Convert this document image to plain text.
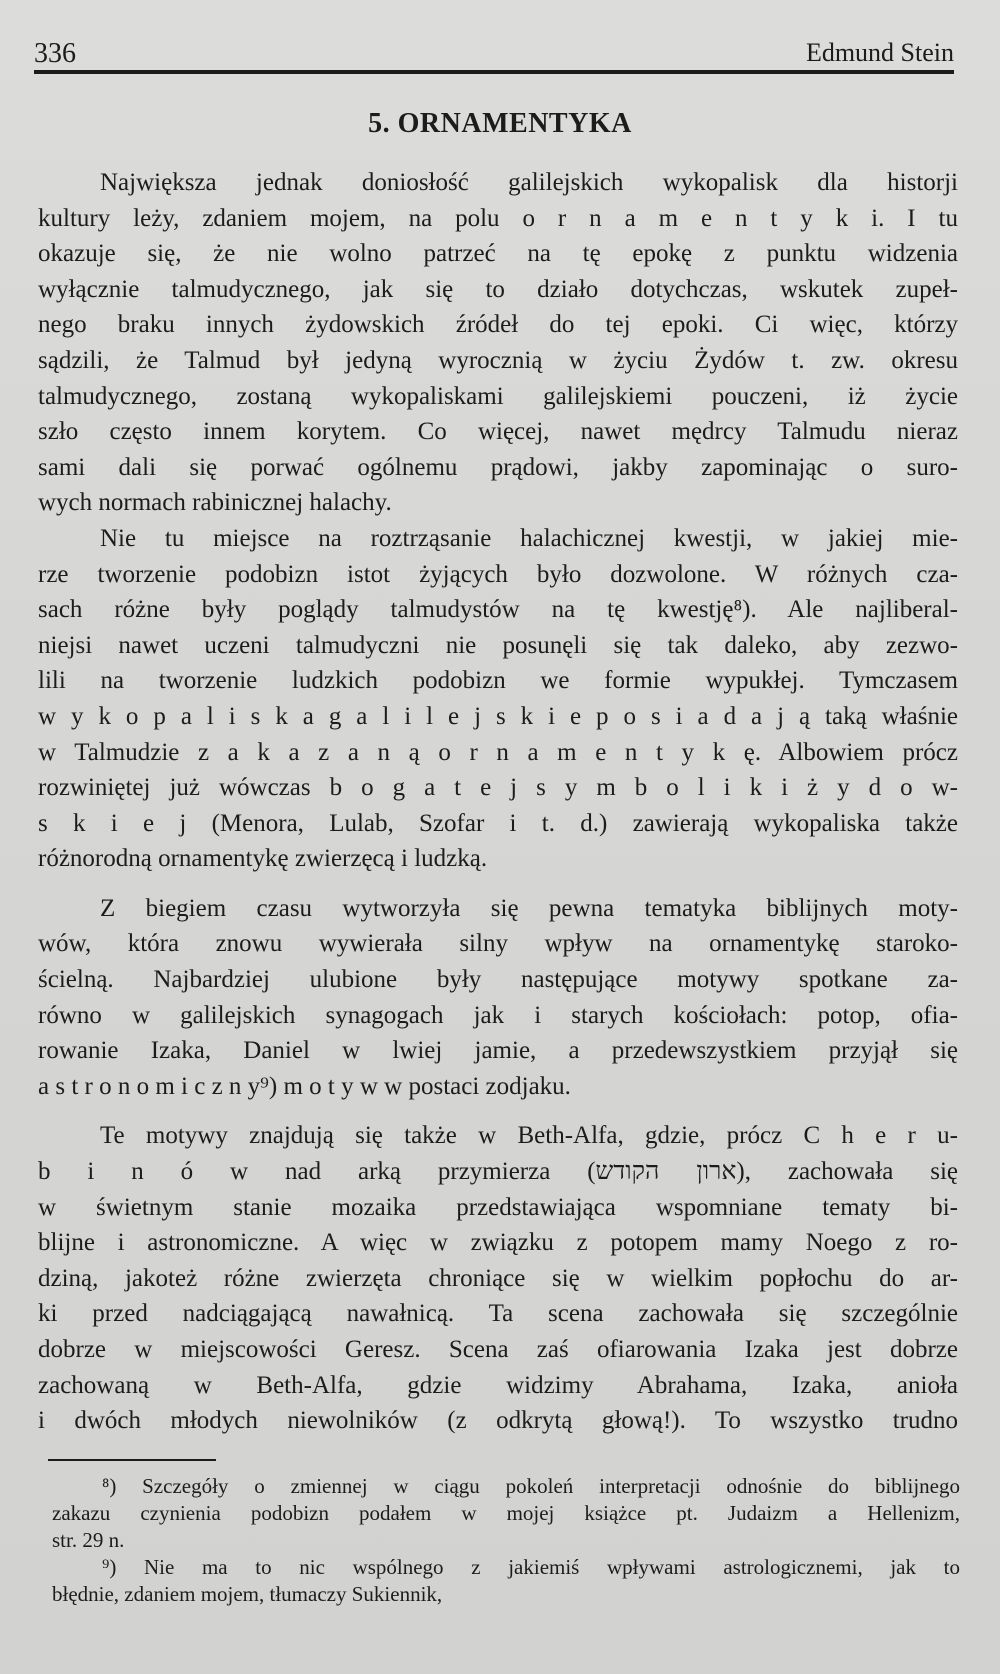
336	Edmund Stein
5. ORNAMENTYKA
Największa jednak doniosłość galilejskich wykopalisk dla historji
kultury leży, zdaniem mojem, na polu o r n a m e n t y k i. I tu
okazuje się, że nie wolno patrzeć na tę epokę z punktu widzenia
wyłącznie talmudycznego, jak się to działo dotychczas, wskutek zupeł-
nego braku innych żydowskich źródeł do tej epoki. Ci więc, którzy
sądzili, że Talmud był jedyną wyrocznią w życiu Żydów t. zw. okresu
talmudycznego, zostaną wykopaliskami galilejskiemi pouczeni, iż życie
szło często innem korytem. Co więcej, nawet mędrcy Talmudu nieraz
sami dali się porwać ogólnemu prądowi, jakby zapominając o suro-
wych normach rabinicznej halachy.
Nie tu miejsce na roztrząsanie halachicznej kwestji, w jakiej mie-
rze tworzenie podobizn istot żyjących było dozwolone. W różnych cza-
sach różne były poglądy talmudystów na tę kwestję⁸). Ale najliberal-
niejsi nawet uczeni talmudyczni nie posunęli się tak daleko, aby zezwo-
lili na tworzenie ludzkich podobizn we formie wypukłej. Tymczasem
w y k o p a l i s k a g a l i l e j s k i e p o s i a d a j ą taką właśnie
w Talmudzie z a k a z a n ą o r n a m e n t y k ę. Albowiem prócz
rozwiniętej już wówczas b o g a t e j s y m b o l i k i ż y d o w-
s k i e j (Menora, Lulab, Szofar i t. d.) zawierają wykopaliska także
różnorodną ornamentykę zwierzęcą i ludzką.
Z biegiem czasu wytworzyła się pewna tematyka biblijnych moty-
wów, która znowu wywierała silny wpływ na ornamentykę staroko-
ścielną. Najbardziej ulubione były następujące motywy spotkane za-
równo w galilejskich synagogach jak i starych kościołach: potop, ofia-
rowanie Izaka, Daniel w lwiej jamie, a przedewszystkiem przyjął się
a s t r o n o m i c z n y⁹) m o t y w w postaci zodjaku.
Te motywy znajdują się także w Beth-Alfa, gdzie, prócz C h e r u-
b i n ó w nad arką przymierza (ארון הקודש), zachowała się
w świetnym stanie mozaika przedstawiająca wspomniane tematy bi-
blijne i astronomiczne. A więc w związku z potopem mamy Noego z ro-
dziną, jakoteż różne zwierzęta chroniące się w wielkim popłochu do ar-
ki przed nadciągającą nawałnicą. Ta scena zachowała się szczególnie
dobrze w miejscowości Geresz. Scena zaś ofiarowania Izaka jest dobrze
zachowaną w Beth-Alfa, gdzie widzimy Abrahama, Izaka, anioła
i dwóch młodych niewolników (z odkrytą głową!). To wszystko trudno
⁸) Szczegóły o zmiennej w ciągu pokoleń interpretacji odnośnie do biblijnego
zakazu czynienia podobizn podałem w mojej książce pt. Judaizm a Hellenizm,
str. 29 n.
⁹) Nie ma to nic wspólnego z jakiemiś wpływami astrologicznemi, jak to
błędnie, zdaniem mojem, tłumaczy Sukiennik,
